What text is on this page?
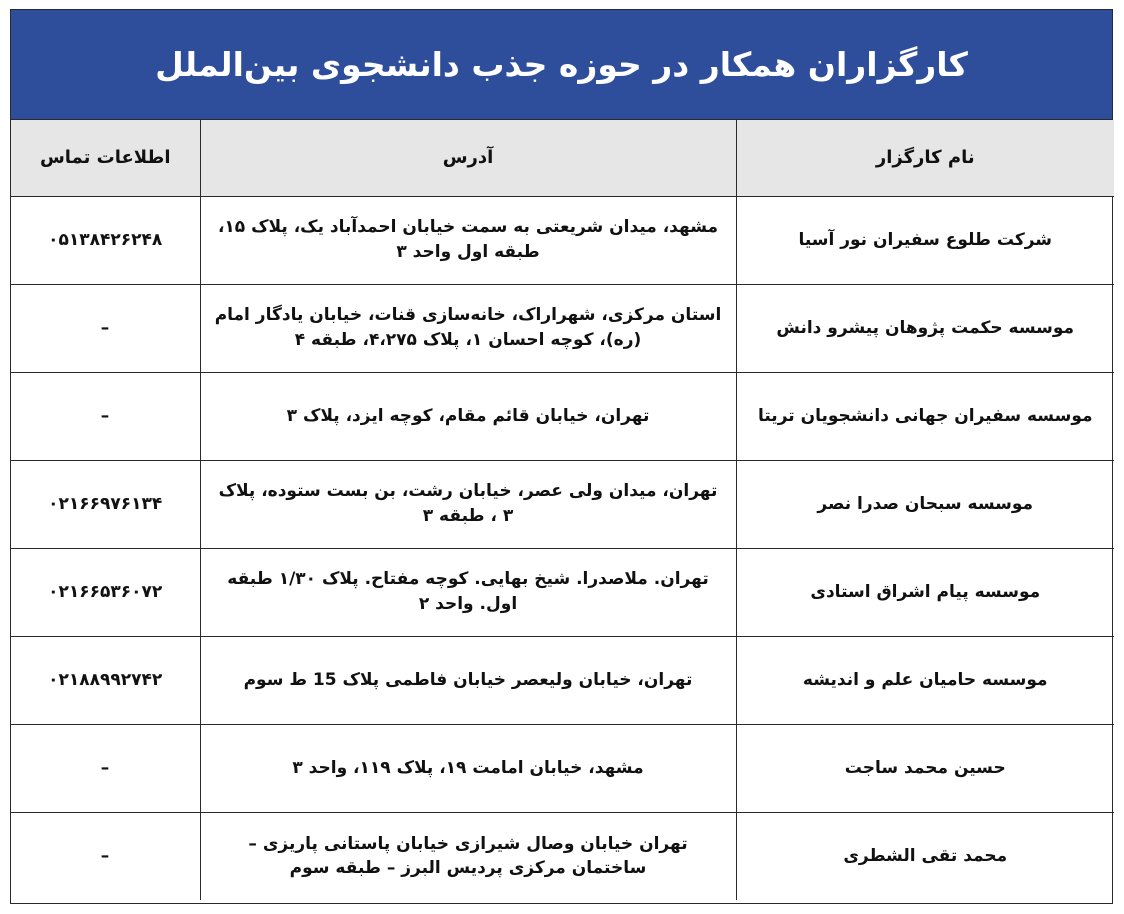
کارگزاران همکار در حوزه جذب دانشجوی بین‌الملل
نام کارگزار	آدرس	اطلاعات تماس
شرکت طلوع سفیران نور آسیا	مشهد، میدان شریعتی به سمت خیابان احمدآباد یک، پلاک ۱۵، طبقه اول واحد ۳	۰۵۱۳۸۴۲۶۲۴۸
موسسه حکمت پژوهان پیشرو دانش	استان مرکزی، شهراراک، خانه‌سازی قنات، خیابان یادگار امام (ره)، کوچه احسان ۱، پلاک ۴،۲۷۵، طبقه ۴	–
موسسه سفیران جهانی دانشجویان تریتا	تهران، خیابان قائم مقام، کوچه ایزد، پلاک ۳	–
موسسه سبحان صدرا نصر	تهران، میدان ولی عصر، خیابان رشت، بن بست ستوده، پلاک ۳ ، طبقه ۳	۰۲۱۶۶۹۷۶۱۳۴
موسسه پیام اشراق استادی	تهران. ملاصدرا. شیخ بهایی. کوچه مفتاح. پلاک ۱/۳۰ طبقه اول. واحد ۲	۰۲۱۶۶۵۳۶۰۷۲
موسسه حامیان علم و اندیشه	تهران، خیابان ولیعصر خیابان فاطمی پلاک 15 ط سوم	۰۲۱۸۸۹۹۲۷۴۲
حسین محمد ساجت	مشهد، خیابان امامت ۱۹، پلاک ۱۱۹، واحد ۳	–
محمد تقی الشطری	تهران خیابان وصال شیرازی خیابان پاستانی پاریزی – ساختمان مرکزی پردیس البرز – طبقه سوم	–
